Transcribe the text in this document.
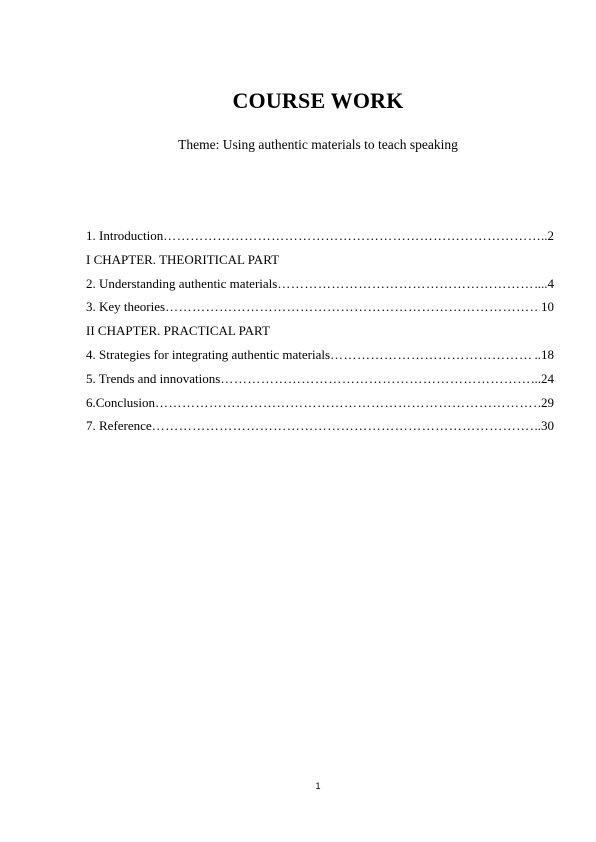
COURSE WORK
Theme: Using authentic materials to teach speaking
1. Introduction ……………………………………………………………………………………………………………………………………………………………………………………	..2
I CHAPTER. THEORITICAL PART
2. Understanding authentic materials ……………………………………………………………………………………………………………………………………………………………………………………	....4
3. Key theories ……………………………………………………………………………………………………………………………………………………………………………………	10
II CHAPTER. PRACTICAL PART
4. Strategies for integrating authentic materials ……………………………………………………………………………………………………………………………………………………………………………………	..18
5. Trends and innovations ……………………………………………………………………………………………………………………………………………………………………………………	...24
6.Conclusion ……………………………………………………………………………………………………………………………………………………………………………………	29
7. Reference ……………………………………………………………………………………………………………………………………………………………………………………	..30
1
